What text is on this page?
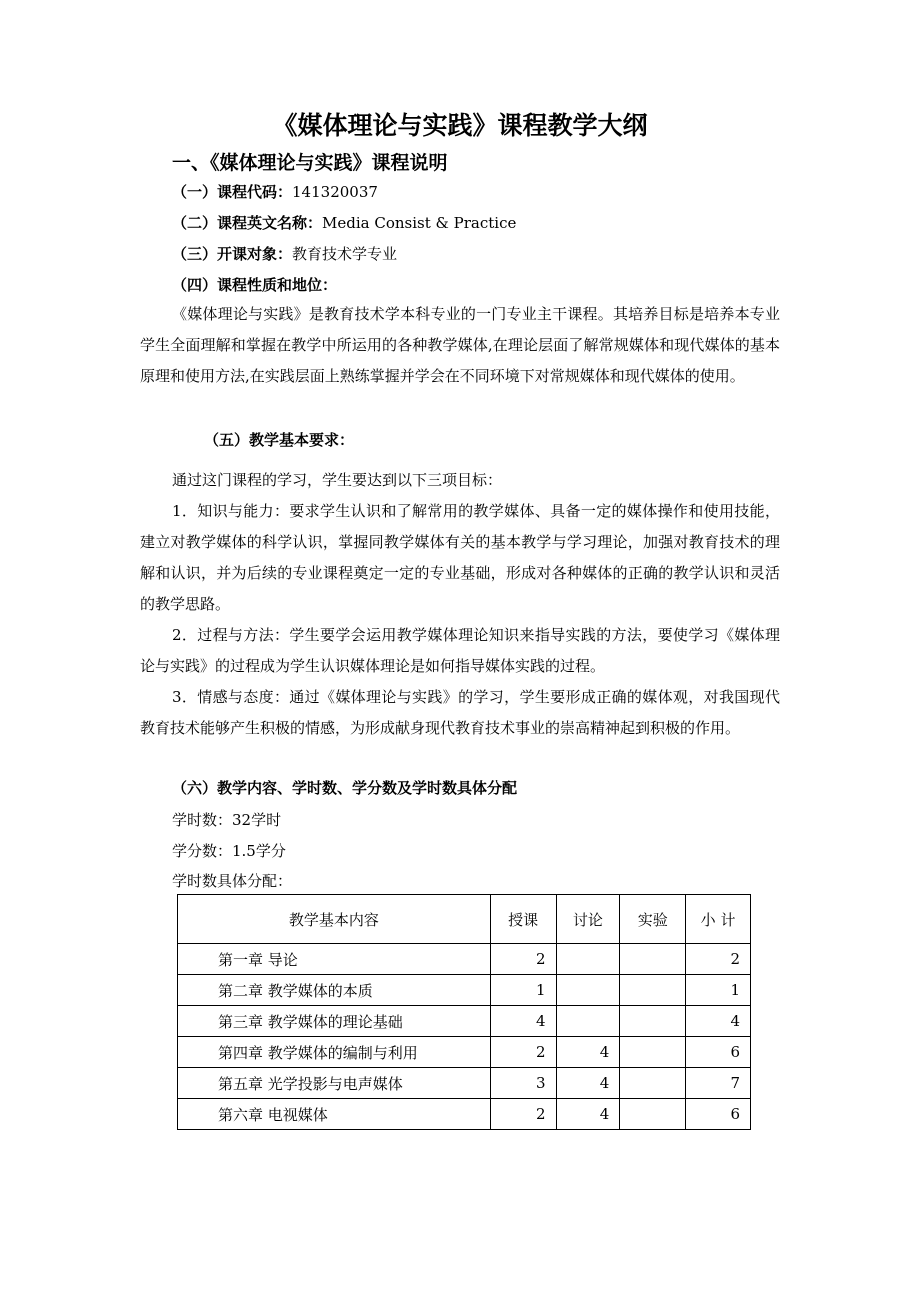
《媒体理论与实践》课程教学大纲
一、《媒体理论与实践》课程说明
（一）课程代码：141320037
（二）课程英文名称：Media Consist & Practice
（三）开课对象：教育技术学专业
（四）课程性质和地位：
《媒体理论与实践》是教育技术学本科专业的一门专业主干课程。其培养目标是培养本专业学生全面理解和掌握在教学中所运用的各种教学媒体,在理论层面了解常规媒体和现代媒体的基本原理和使用方法,在实践层面上熟练掌握并学会在不同环境下对常规媒体和现代媒体的使用。
（五）教学基本要求：
通过这门课程的学习，学生要达到以下三项目标：
1．知识与能力：要求学生认识和了解常用的教学媒体、具备一定的媒体操作和使用技能，建立对教学媒体的科学认识，掌握同教学媒体有关的基本教学与学习理论，加强对教育技术的理解和认识，并为后续的专业课程奠定一定的专业基础，形成对各种媒体的正确的教学认识和灵活的教学思路。
2．过程与方法：学生要学会运用教学媒体理论知识来指导实践的方法，要使学习《媒体理论与实践》的过程成为学生认识媒体理论是如何指导媒体实践的过程。
3．情感与态度：通过《媒体理论与实践》的学习，学生要形成正确的媒体观，对我国现代教育技术能够产生积极的情感，为形成献身现代教育技术事业的崇高精神起到积极的作用。
（六）教学内容、学时数、学分数及学时数具体分配
学时数：32学时
学分数：1.5学分
学时数具体分配：
教学基本内容	授课	讨论	实验	小 计
第一章 导论	2			2
第二章 教学媒体的本质	1			1
第三章 教学媒体的理论基础	4			4
第四章 教学媒体的编制与利用	2	4		6
第五章 光学投影与电声媒体	3	4		7
第六章 电视媒体	2	4		6
